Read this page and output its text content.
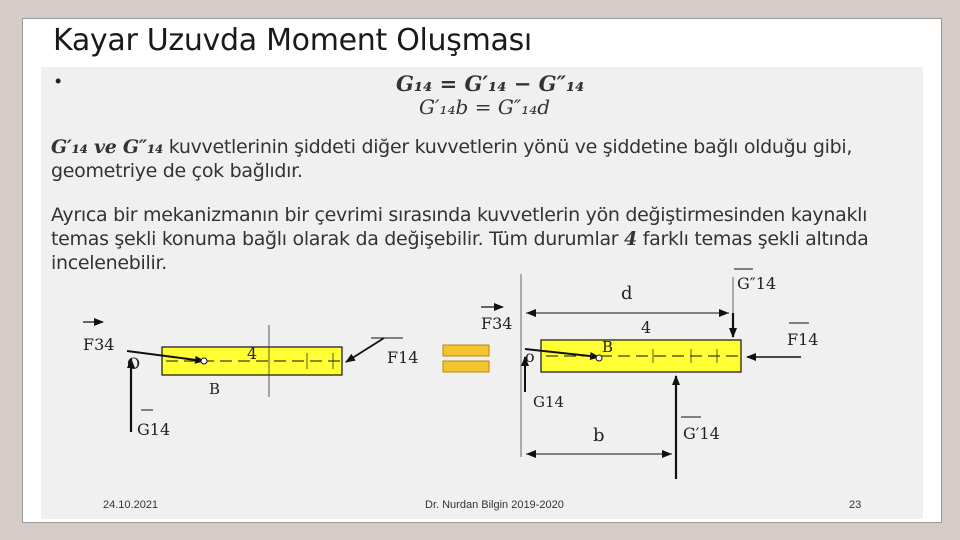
Kayar Uzuvda Moment Oluşması
•	G₁₄ = G′₁₄ − G″₁₄
G′₁₄b = G″₁₄d

G′₁₄ ve G″₁₄ kuvvetlerinin şiddeti diğer kuvvetlerin yönü ve şiddetine bağlı olduğu gibi, geometriye de çok bağlıdır.

Ayrıca bir mekanizmanın bir çevrimi sırasında kuvvetlerin yön değiştirmesinden kaynaklı temas şekli konuma bağlı olarak da değişebilir. Tüm durumlar 4 farklı temas şekli altında incelenebilir.

F34
O
B
4	F14
G14
d
b
F34
o	B
4
G14
G″14
F14
G′14
24.10.2021	Dr. Nurdan Bilgin 2019-2020	23
